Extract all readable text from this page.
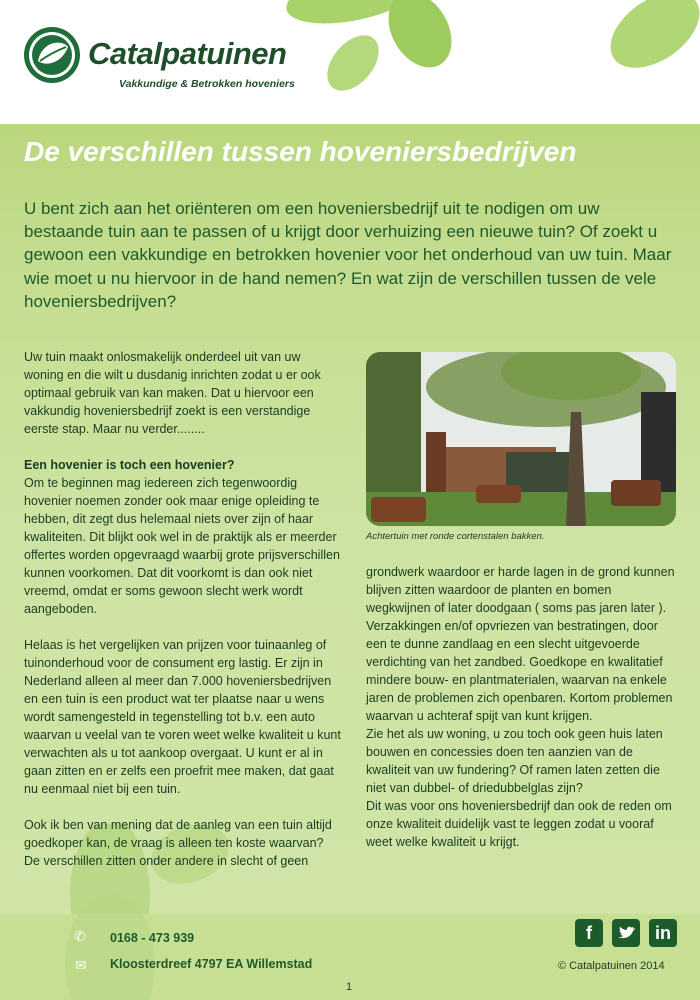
Catalpatuinen
Vakkundige & Betrokken hoveniers
De verschillen tussen hoveniersbedrijven

U bent zich aan het oriënteren om een hoveniersbedrijf uit te nodigen om uw bestaande tuin aan te passen of u krijgt door verhuizing een nieuwe tuin? Of zoekt u gewoon een vakkundige en betrokken hovenier voor het onderhoud van uw tuin. Maar wie moet u nu hiervoor in de hand nemen? En wat zijn de verschillen tussen de vele hoveniersbedrijven?

Uw tuin maakt onlosmakelijk onderdeel uit van uw woning en die wilt u dusdanig inrichten zodat u er ook optimaal gebruik van kan maken. Dat u hiervoor een vakkundig hoveniersbedrijf zoekt is een verstandige eerste stap. Maar nu verder........

Een hovenier is toch een hovenier?

Om te beginnen mag iedereen zich tegenwoordig hovenier noemen zonder ook maar enige opleiding te hebben, dit zegt dus helemaal niets over zijn of haar kwaliteiten. Dit blijkt ook wel in de praktijk als er meerder offertes worden opgevraagd waarbij grote prijsverschillen kunnen voorkomen. Dat dit voorkomt is dan ook niet vreemd, omdat er soms gewoon slecht werk wordt aangeboden.

Helaas is het vergelijken van prijzen voor tuinaanleg of tuinonderhoud voor de consument erg lastig. Er zijn in Nederland alleen al meer dan 7.000 hoveniersbedrijven en een tuin is een product wat ter plaatse naar u wens wordt samengesteld in tegenstelling tot b.v. een auto waarvan u veelal van te voren weet welke kwaliteit u kunt verwachten als u tot aankoop overgaat. U kunt er al in gaan zitten en er zelfs een proefrit mee maken, dat gaat nu eenmaal niet bij een tuin.

Ook ik ben van mening dat de aanleg van een tuin altijd goedkoper kan, de vraag is alleen ten koste waarvan? De verschillen zitten onder andere in slecht of geen

Achtertuin met ronde cortenstalen bakken.

grondwerk waardoor er harde lagen in de grond kunnen blijven zitten waardoor de planten en bomen wegkwijnen of later doodgaan ( soms pas jaren later ). Verzakkingen en/of opvriezen van bestratingen, door een te dunne zandlaag en een slecht uitgevoerde verdichting van het zandbed. Goedkope en kwalitatief mindere bouw- en plantmaterialen, waarvan na enkele jaren de problemen zich openbaren. Kortom problemen waarvan u achteraf spijt van kunt krijgen.

Zie het als uw woning, u zou toch ook geen huis laten bouwen en concessies doen ten aanzien van de kwaliteit van uw fundering? Of ramen laten zetten die niet van dubbel- of driedubbelglas zijn?

Dit was voor ons hoveniersbedrijf dan ook de reden om onze kwaliteit duidelijk vast te leggen zodat u vooraf weet welke kwaliteit u krijgt.

✆ 0168 - 473 939
✉ Kloosterdreef 4797 EA Willemstad
f	in
© Catalpatuinen 2014
1
